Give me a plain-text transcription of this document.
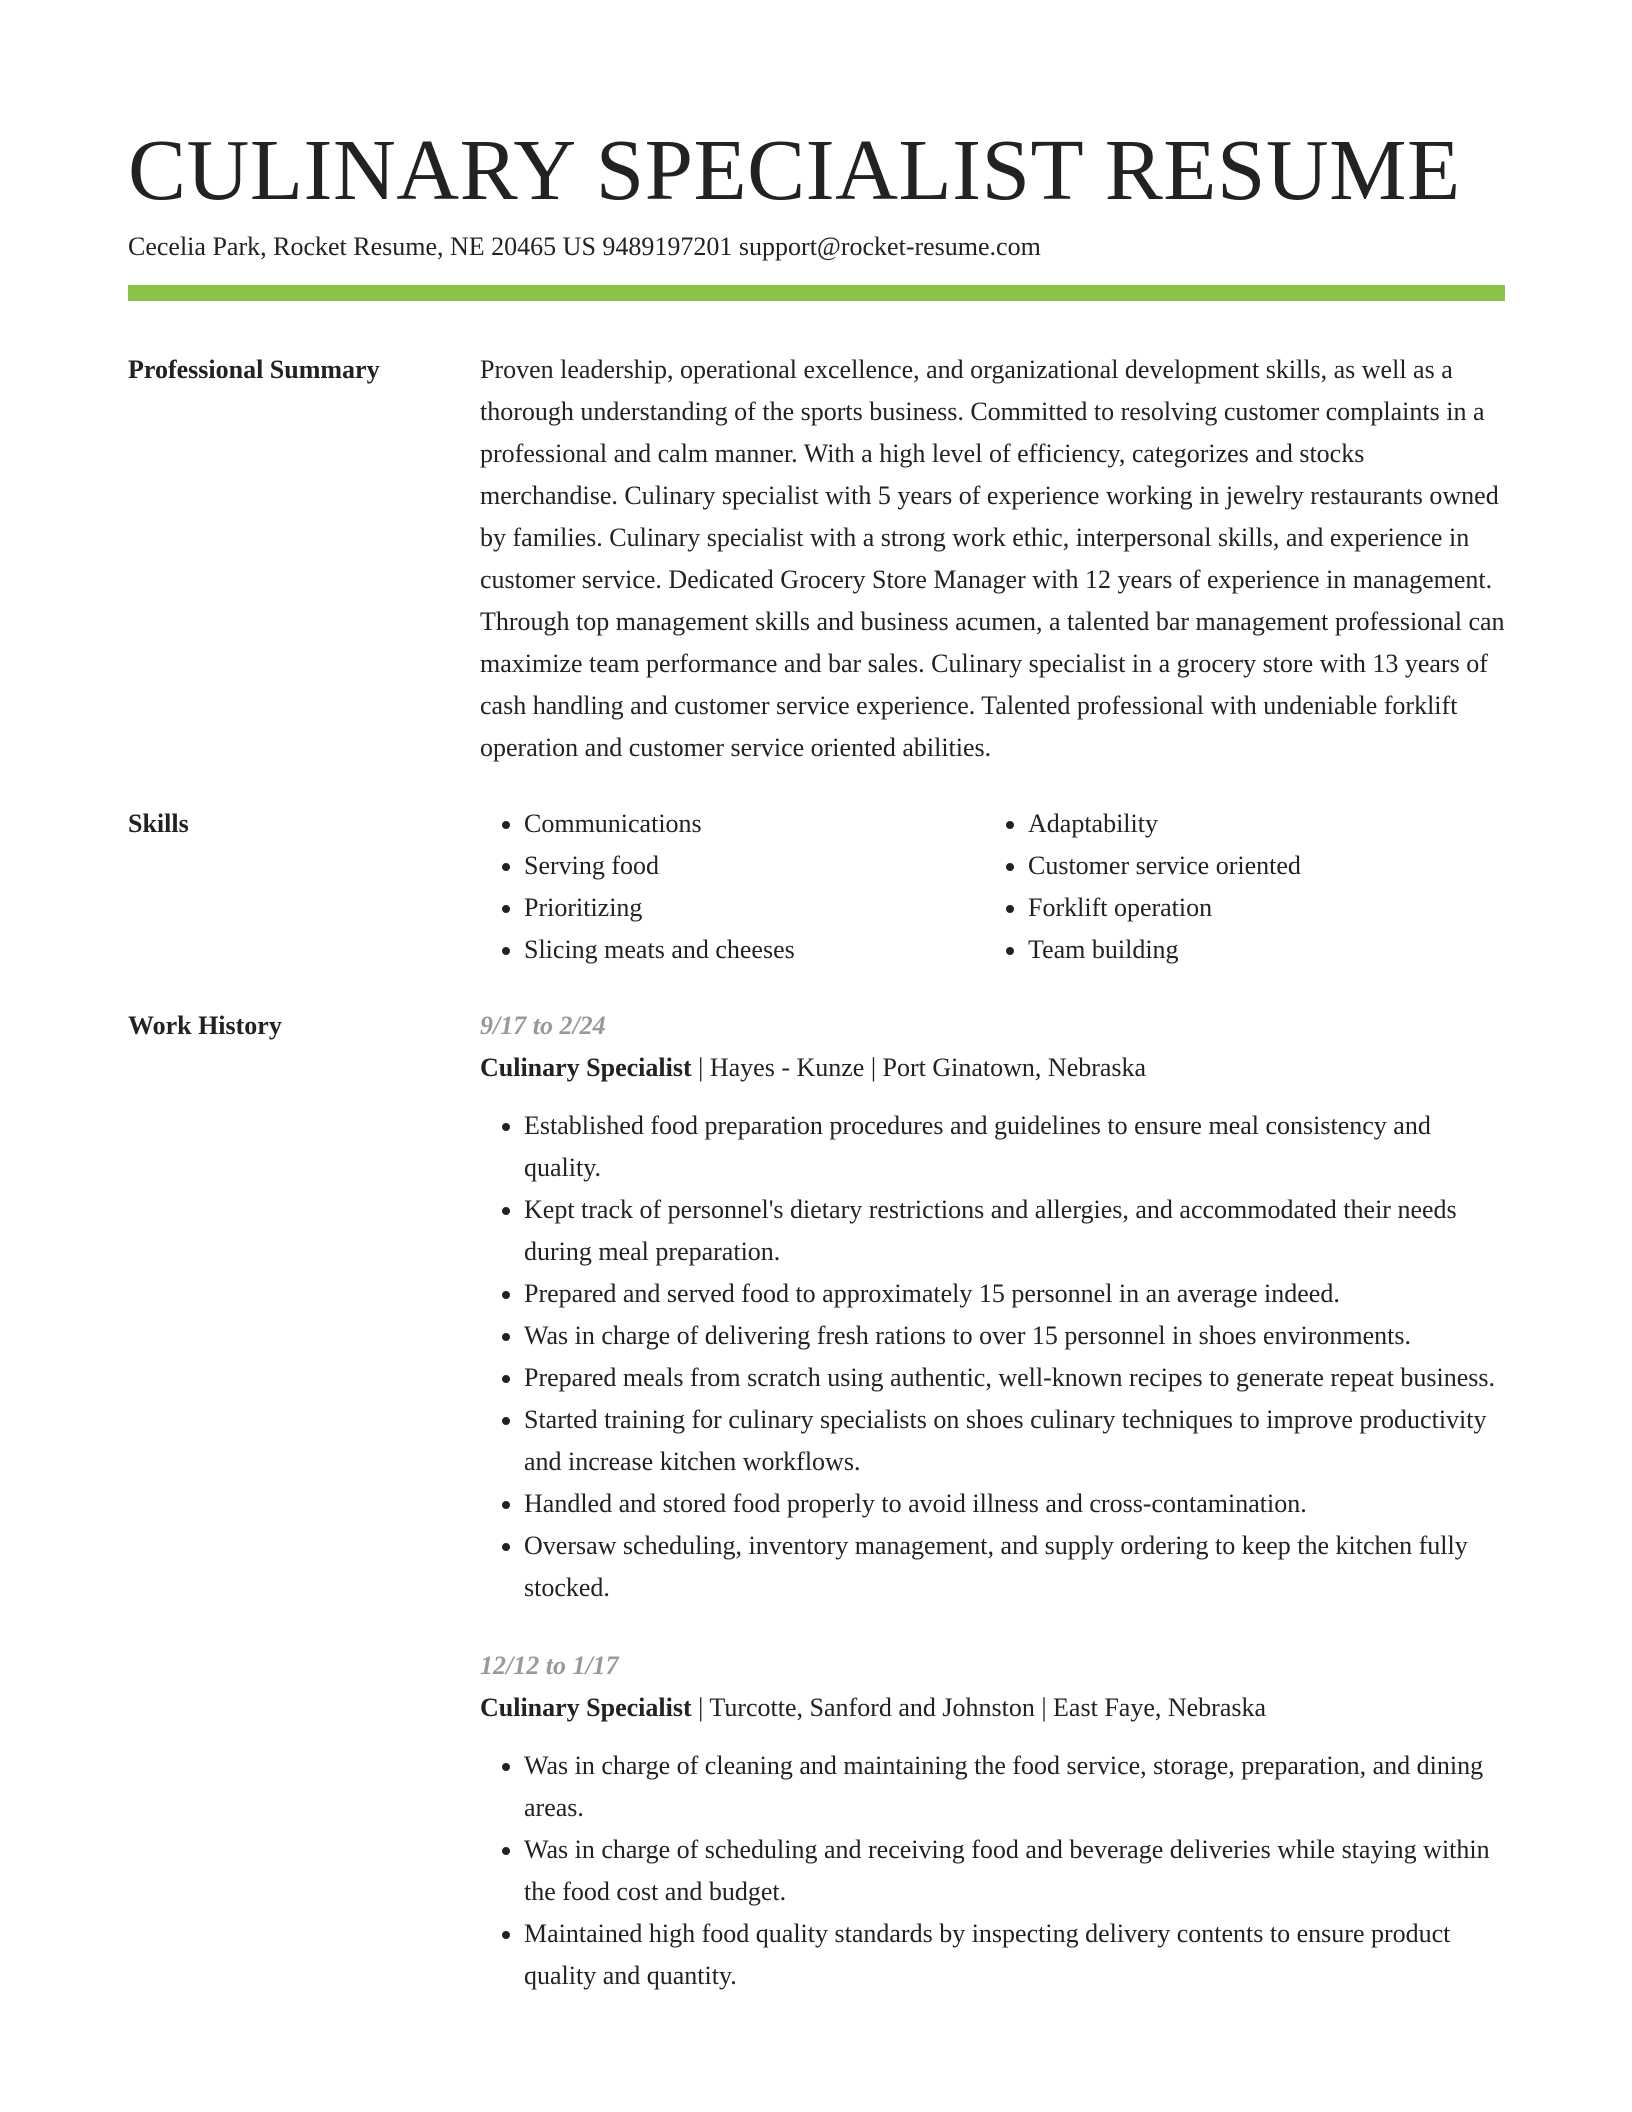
CULINARY SPECIALIST RESUME
Cecelia Park, Rocket Resume, NE 20465 US 9489197201 support@rocket-resume.com
Professional Summary	Proven leadership, operational excellence, and organizational development skills, as well as a thorough understanding of the sports business. Committed to resolving customer complaints in a professional and calm manner. With a high level of efficiency, categorizes and stocks merchandise. Culinary specialist with 5 years of experience working in jewelry restaurants owned by families. Culinary specialist with a strong work ethic, interpersonal skills, and experience in customer service. Dedicated Grocery Store Manager with 12 years of experience in management. Through top management skills and business acumen, a talented bar management professional can maximize team performance and bar sales. Culinary specialist in a grocery store with 13 years of cash handling and customer service experience. Talented professional with undeniable forklift operation and customer service oriented abilities.

Skills
•	Communications
• Serving food
• Prioritizing
• Slicing meats and cheeses
• Adaptability
• Customer service oriented
• Forklift operation
• Team building
Work History	9/17 to 2/24
Culinary Specialist | Hayes - Kunze | Port Ginatown, Nebraska
• Established food preparation procedures and guidelines to ensure meal consistency and quality.
• Kept track of personnel's dietary restrictions and allergies, and accommodated their needs during meal preparation.
• Prepared and served food to approximately 15 personnel in an average indeed.
• Was in charge of delivering fresh rations to over 15 personnel in shoes environments.
• Prepared meals from scratch using authentic, well-known recipes to generate repeat business.
• Started training for culinary specialists on shoes culinary techniques to improve productivity and increase kitchen workflows.
• Handled and stored food properly to avoid illness and cross-contamination.
• Oversaw scheduling, inventory management, and supply ordering to keep the kitchen fully stocked.
12/12 to 1/17
Culinary Specialist | Turcotte, Sanford and Johnston | East Faye, Nebraska
• Was in charge of cleaning and maintaining the food service, storage, preparation, and dining areas.
• Was in charge of scheduling and receiving food and beverage deliveries while staying within the food cost and budget.
• Maintained high food quality standards by inspecting delivery contents to ensure product quality and quantity.
